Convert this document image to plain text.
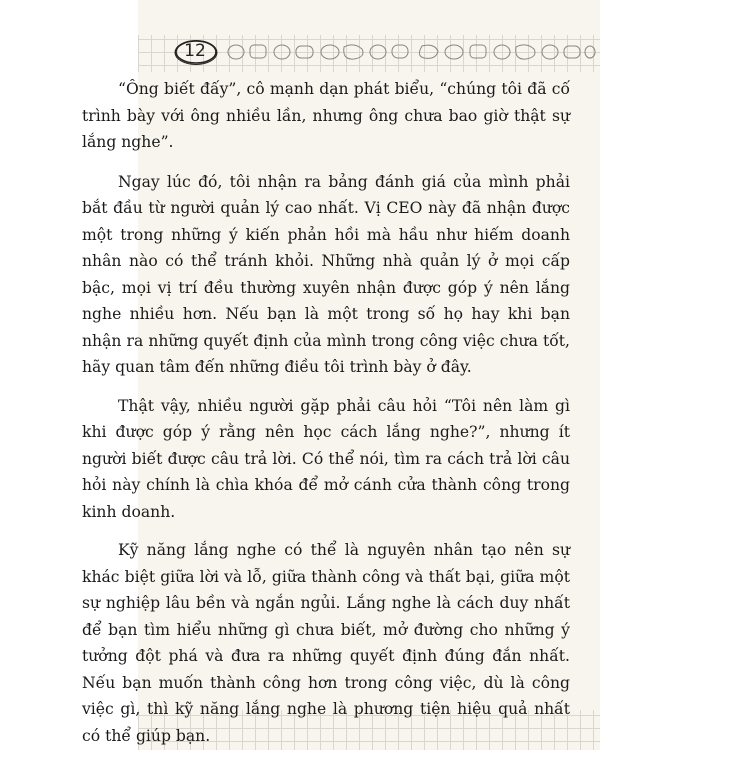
12

“Ông biết đấy”, cô mạnh dạn phát biểu, “chúng tôi đã cố trình bày với ông nhiều lần, nhưng ông chưa bao giờ thật sự lắng nghe”.

Ngay lúc đó, tôi nhận ra bảng đánh giá của mình phải bắt đầu từ người quản lý cao nhất. Vị CEO này đã nhận được một trong những ý kiến phản hồi mà hầu như hiếm doanh nhân nào có thể tránh khỏi. Những nhà quản lý ở mọi cấp bậc, mọi vị trí đều thường xuyên nhận được góp ý nên lắng nghe nhiều hơn. Nếu bạn là một trong số họ hay khi bạn nhận ra những quyết định của mình trong công việc chưa tốt, hãy quan tâm đến những điều tôi trình bày ở đây.

Thật vậy, nhiều người gặp phải câu hỏi “Tôi nên làm gì khi được góp ý rằng nên học cách lắng nghe?”, nhưng ít người biết được câu trả lời. Có thể nói, tìm ra cách trả lời câu hỏi này chính là chìa khóa để mở cánh cửa thành công trong kinh doanh.

Kỹ năng lắng nghe có thể là nguyên nhân tạo nên sự khác biệt giữa lời và lỗ, giữa thành công và thất bại, giữa một sự nghiệp lâu bền và ngắn ngủi. Lắng nghe là cách duy nhất để bạn tìm hiểu những gì chưa biết, mở đường cho những ý tưởng đột phá và đưa ra những quyết định đúng đắn nhất. Nếu bạn muốn thành công hơn trong công việc, dù là công việc gì, thì kỹ năng lắng nghe là phương tiện hiệu quả nhất có thể giúp bạn.
